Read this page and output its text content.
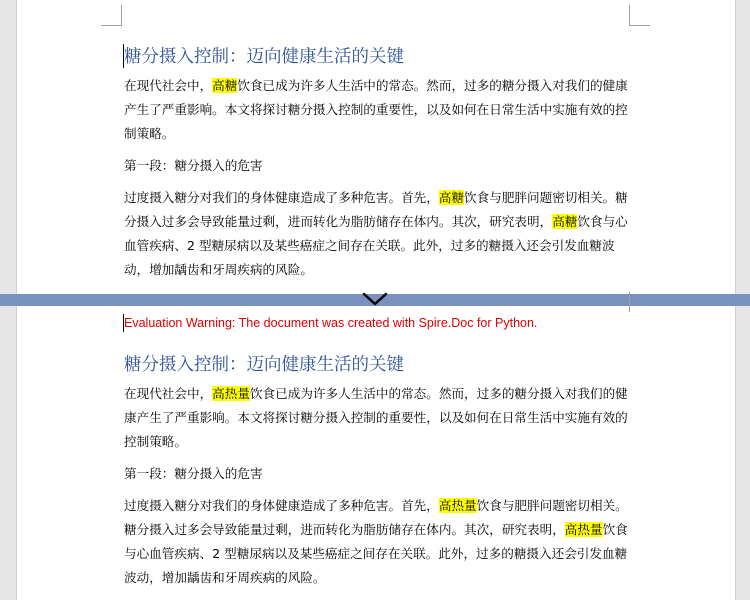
糖分摄入控制：迈向健康生活的关键

在现代社会中，高糖饮食已成为许多人生活中的常态。然而，过多的糖分摄入对我们的健康产生了严重影响。本文将探讨糖分摄入控制的重要性，以及如何在日常生活中实施有效的控制策略。

第一段：糖分摄入的危害

过度摄入糖分对我们的身体健康造成了多种危害。首先，高糖饮食与肥胖问题密切相关。糖分摄入过多会导致能量过剩，进而转化为脂肪储存在体内。其次，研究表明，高糖饮食与心血管疾病、2 型糖尿病以及某些癌症之间存在关联。此外，过多的糖摄入还会引发血糖波动，增加龋齿和牙周疾病的风险。

Evaluation Warning: The document was created with Spire.Doc for Python.

糖分摄入控制：迈向健康生活的关键

在现代社会中，高热量饮食已成为许多人生活中的常态。然而，过多的糖分摄入对我们的健康产生了严重影响。本文将探讨糖分摄入控制的重要性，以及如何在日常生活中实施有效的控制策略。

第一段：糖分摄入的危害

过度摄入糖分对我们的身体健康造成了多种危害。首先，高热量饮食与肥胖问题密切相关。糖分摄入过多会导致能量过剩，进而转化为脂肪储存在体内。其次，研究表明，高热量饮食与心血管疾病、2 型糖尿病以及某些癌症之间存在关联。此外，过多的糖摄入还会引发血糖波动，增加龋齿和牙周疾病的风险。
